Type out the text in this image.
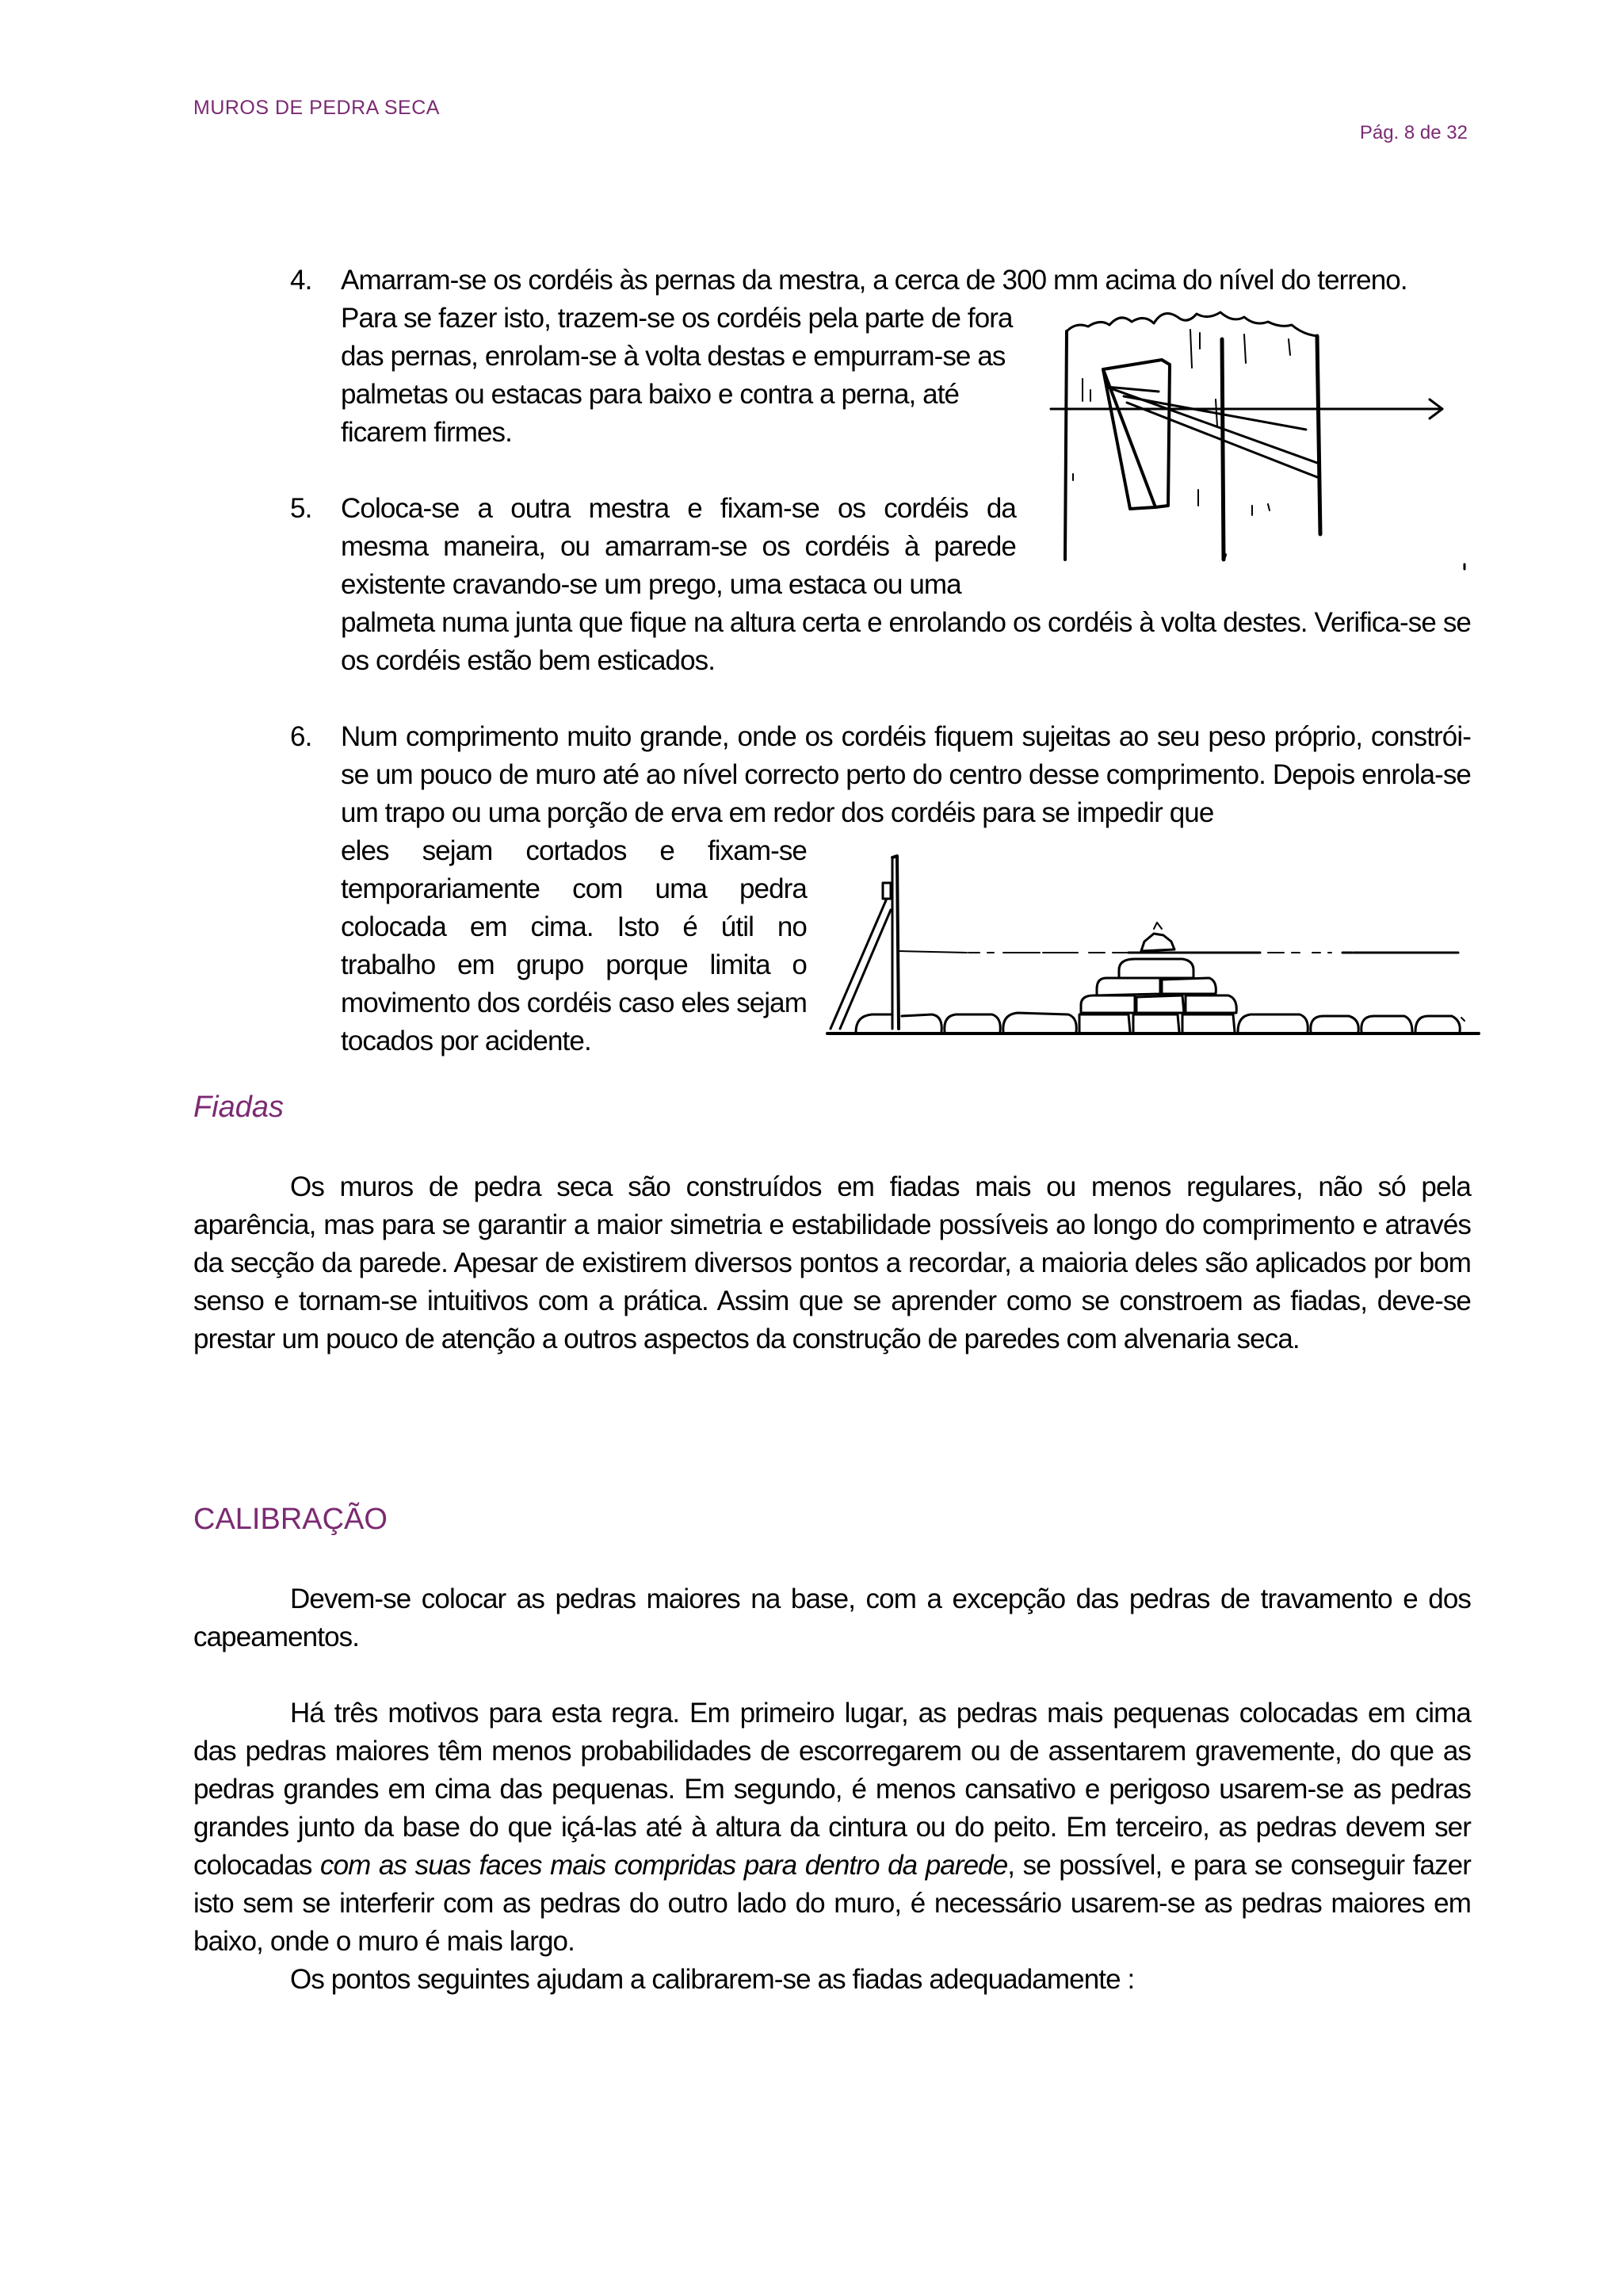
MUROS DE PEDRA SECA
Pág. 8 de 32
4. Amarram-se os cordéis às pernas da mestra, a cerca de 300 mm acima do nível do terreno.
Para se fazer isto, trazem-se os cordéis pela parte de fora das pernas, enrolam-se à volta destas e empurram-se as palmetas ou estacas para baixo e contra a perna, até ficarem firmes.
5. Coloca-se a outra mestra e fixam-se os cordéis da mesma maneira, ou amarram-se os cordéis à parede existente cravando-se um prego, uma estaca ou uma
palmeta numa junta que fique na altura certa e enrolando os cordéis à volta destes. Verifica-se se os cordéis estão bem esticados.
6. Num comprimento muito grande, onde os cordéis fiquem sujeitas ao seu peso próprio, constrói-se um pouco de muro até ao nível correcto perto do centro desse comprimento. Depois enrola-se um trapo ou uma porção de erva em redor dos cordéis para se impedir que
eles sejam cortados e fixam-se temporariamente com uma pedra colocada em cima. Isto é útil no trabalho em grupo porque limita o movimento dos cordéis caso eles sejam tocados por acidente.
Fiadas
Os muros de pedra seca são construídos em fiadas mais ou menos regulares, não só pela aparência, mas para se garantir a maior simetria e estabilidade possíveis ao longo do comprimento e através da secção da parede. Apesar de existirem diversos pontos a recordar, a maioria deles são aplicados por bom senso e tornam-se intuitivos com a prática. Assim que se aprender como se constroem as fiadas, deve-se prestar um pouco de atenção a outros aspectos da construção de paredes com alvenaria seca.
CALIBRAÇÃO
Devem-se colocar as pedras maiores na base, com a excepção das pedras de travamento e dos capeamentos.
Há três motivos para esta regra. Em primeiro lugar, as pedras mais pequenas colocadas em cima das pedras maiores têm menos probabilidades de escorregarem ou de assentarem gravemente, do que as pedras grandes em cima das pequenas. Em segundo, é menos cansativo e perigoso usarem-se as pedras grandes junto da base do que içá-las até à altura da cintura ou do peito. Em terceiro, as pedras devem ser colocadas com as suas faces mais compridas para dentro da parede, se possível, e para se conseguir fazer isto sem se interferir com as pedras do outro lado do muro, é necessário usarem-se as pedras maiores em baixo, onde o muro é mais largo.
Os pontos seguintes ajudam a calibrarem-se as fiadas adequadamente :
